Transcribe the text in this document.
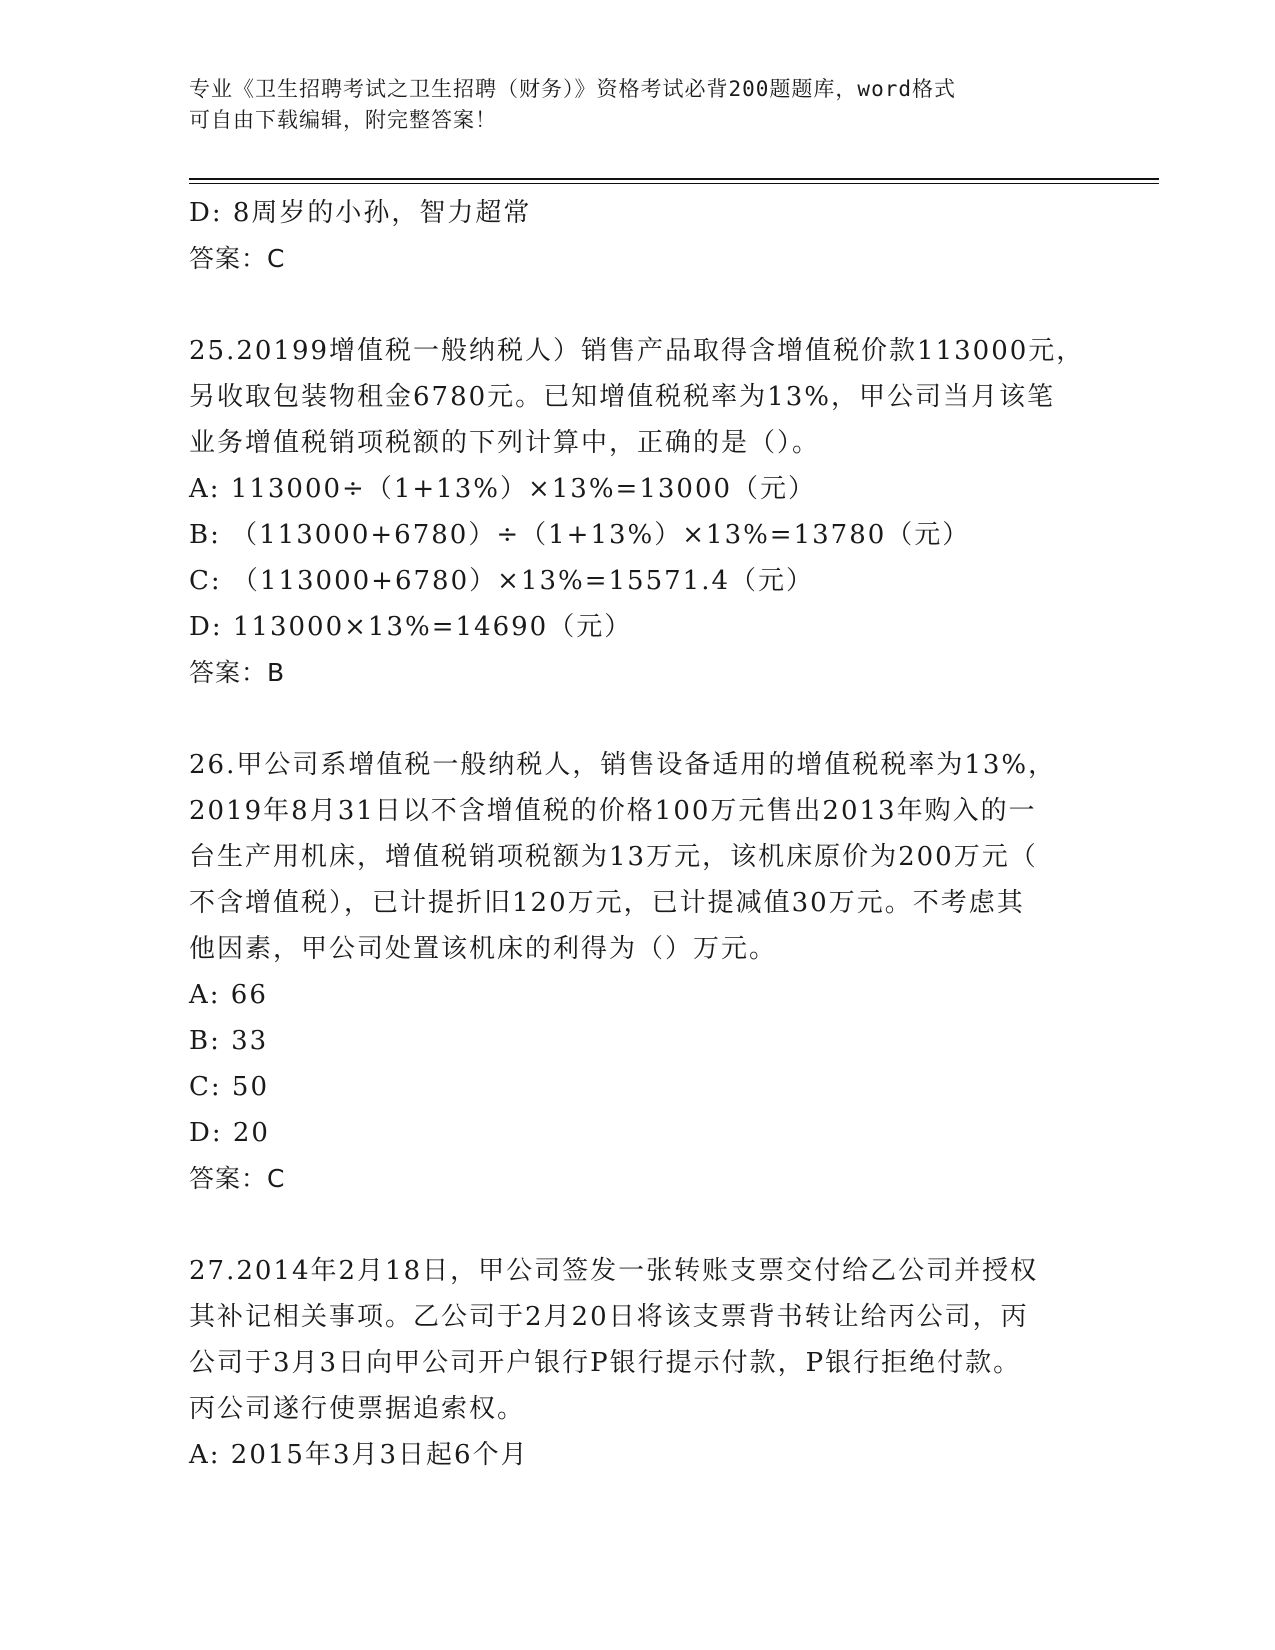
专业《卫生招聘考试之卫生招聘（财务）》资格考试必背200题题库，word格式
可自由下载编辑，附完整答案！
D: 8周岁的小孙，智力超常
答案：C
25.20199增值税一般纳税人）销售产品取得含增值税价款113000元，
另收取包装物租金6780元。已知增值税税率为13%，甲公司当月该笔
业务增值税销项税额的下列计算中，正确的是（）。
A: 113000÷（1+13%）×13%=13000（元）
B: （113000+6780）÷（1+13%）×13%=13780（元）
C: （113000+6780）×13%=15571.4（元）
D: 113000×13%=14690（元）
答案：B
26.甲公司系增值税一般纳税人，销售设备适用的增值税税率为13%，
2019年8月31日以不含增值税的价格100万元售出2013年购入的一
台生产用机床，增值税销项税额为13万元，该机床原价为200万元（
不含增值税），已计提折旧120万元，已计提减值30万元。不考虑其
他因素，甲公司处置该机床的利得为（）万元。
A: 66
B: 33
C: 50
D: 20
答案：C
27.2014年2月18日，甲公司签发一张转账支票交付给乙公司并授权
其补记相关事项。乙公司于2月20日将该支票背书转让给丙公司，丙
公司于3月3日向甲公司开户银行P银行提示付款，P银行拒绝付款。
丙公司遂行使票据追索权。
A: 2015年3月3日起6个月
